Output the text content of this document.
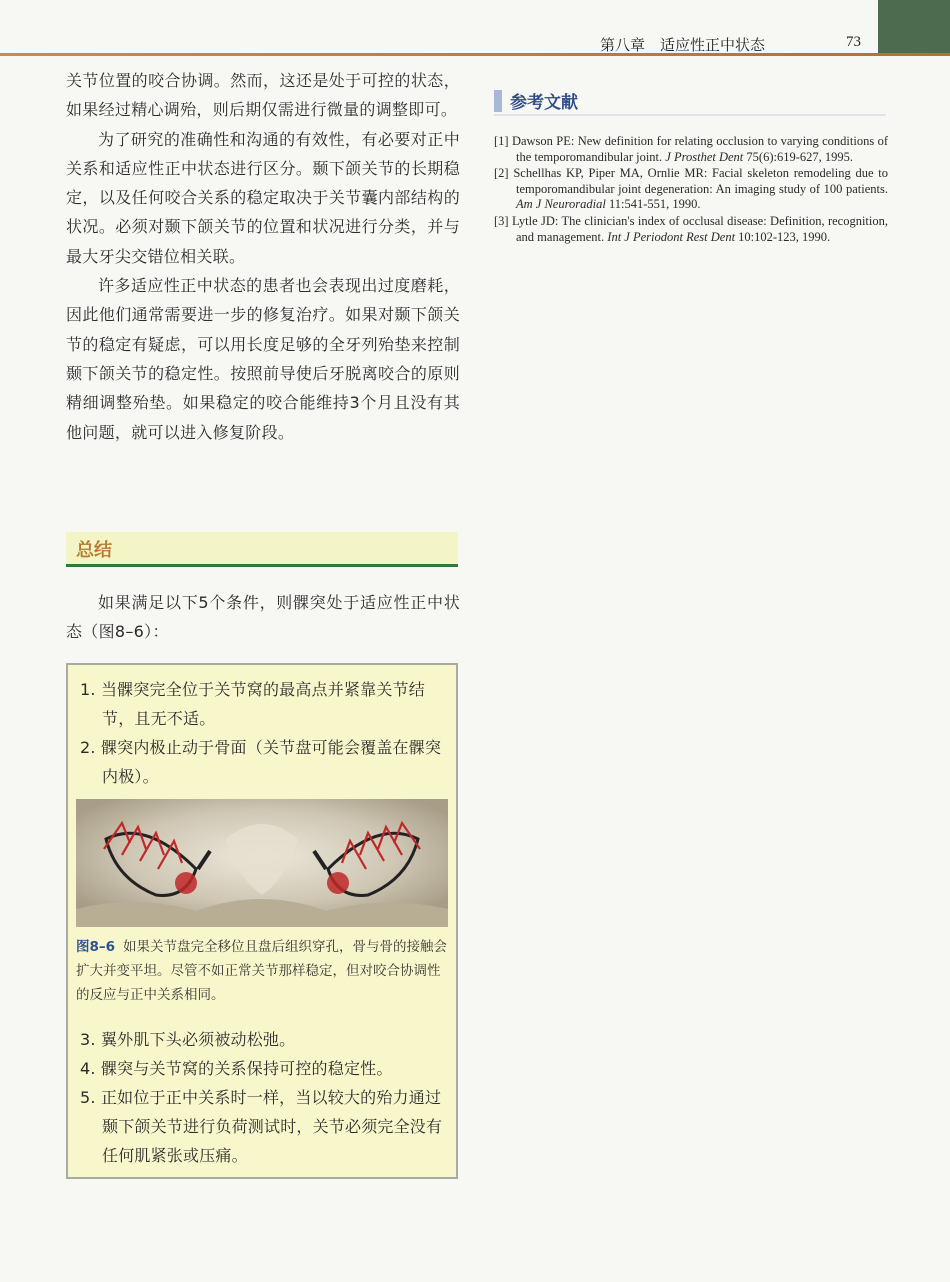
第八章　适应性正中状态	73

关节位置的咬合协调。然而，这还是处于可控的状态，如果经过精心调殆，则后期仅需进行微量的调整即可。

为了研究的准确性和沟通的有效性，有必要对正中关系和适应性正中状态进行区分。颞下颌关节的长期稳定，以及任何咬合关系的稳定取决于关节囊内部结构的状况。必须对颞下颌关节的位置和状况进行分类，并与最大牙尖交错位相关联。

许多适应性正中状态的患者也会表现出过度磨耗，因此他们通常需要进一步的修复治疗。如果对颞下颌关节的稳定有疑虑，可以用长度足够的全牙列殆垫来控制颞下颌关节的稳定性。按照前导使后牙脱离咬合的原则精细调整殆垫。如果稳定的咬合能维持3个月且没有其他问题，就可以进入修复阶段。

总结

如果满足以下5个条件，则髁突处于适应性正中状态（图8–6）：

1. 当髁突完全位于关节窝的最高点并紧靠关节结节，且无不适。
2. 髁突内极止动于骨面（关节盘可能会覆盖在髁突内极）。
图8–6 如果关节盘完全移位且盘后组织穿孔，骨与骨的接触会扩大并变平坦。尽管不如正常关节那样稳定，但对咬合协调性的反应与正中关系相同。
3. 翼外肌下头必须被动松弛。
4. 髁突与关节窝的关系保持可控的稳定性。
5. 正如位于正中关系时一样，当以较大的殆力通过颞下颌关节进行负荷测试时，关节必须完全没有任何肌紧张或压痛。
参考文献
[1] Dawson PE: New definition for relating occlusion to varying conditions of the temporomandibular joint. J Prosthet Dent 75(6):619-627, 1995.
[2] Schellhas KP, Piper MA, Ornlie MR: Facial skeleton remodeling due to temporomandibular joint degeneration: An imaging study of 100 patients. Am J Neuroradial 11:541-551, 1990.
[3] Lytle JD: The clinician's index of occlusal disease: Definition, recognition, and management. Int J Periodont Rest Dent 10:102-123, 1990.
